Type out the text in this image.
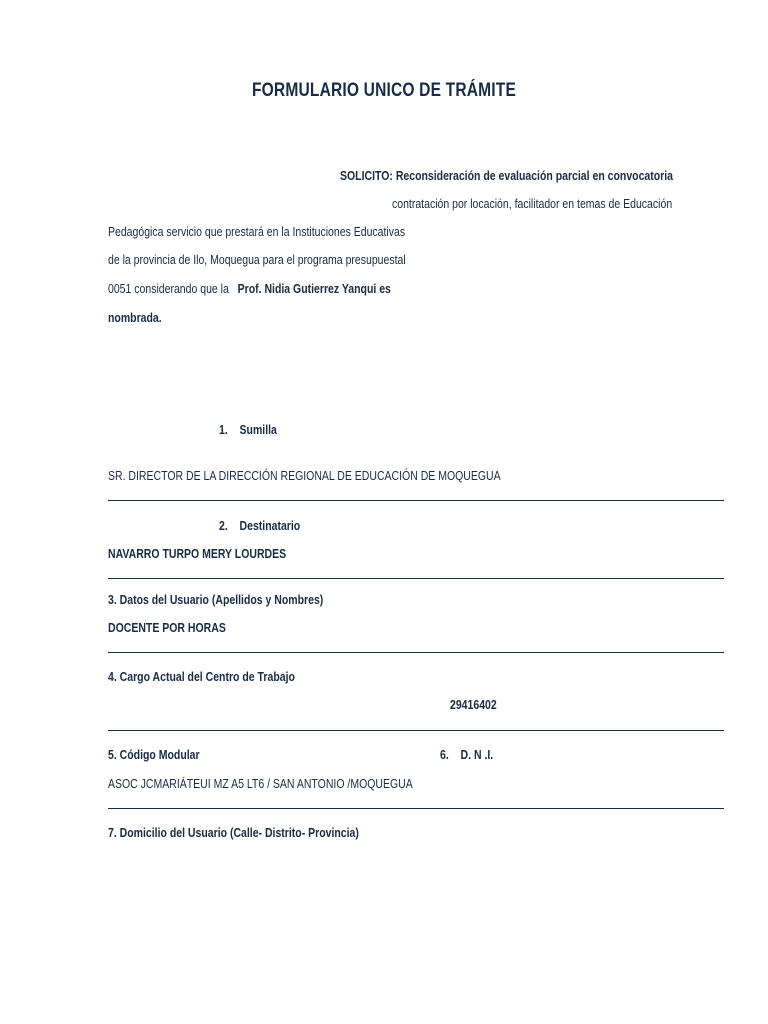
FORMULARIO UNICO DE TRÁMITE
SOLICITO: Reconsideración de evaluación parcial en convocatoria
contratación por locación, facilitador en temas de Educación
Pedagógica servicio que prestará en la Instituciones Educativas
de la provincia de Ilo, Moquegua para el programa presupuestal
0051 considerando que la Prof. Nidia Gutierrez Yanqui es
nombrada.
1. Sumilla
SR. DIRECTOR DE LA DIRECCIÓN REGIONAL DE EDUCACIÓN DE MOQUEGUA
2. Destinatario
NAVARRO TURPO MERY LOURDES
3. Datos del Usuario (Apellidos y Nombres)
DOCENTE POR HORAS
4. Cargo Actual del Centro de Trabajo
29416402
5. Código Modular	6. D. N .I.
ASOC JCMARIÁTEUI MZ A5 LT6 / SAN ANTONIO /MOQUEGUA
7. Domicilio del Usuario (Calle- Distrito- Provincia)
